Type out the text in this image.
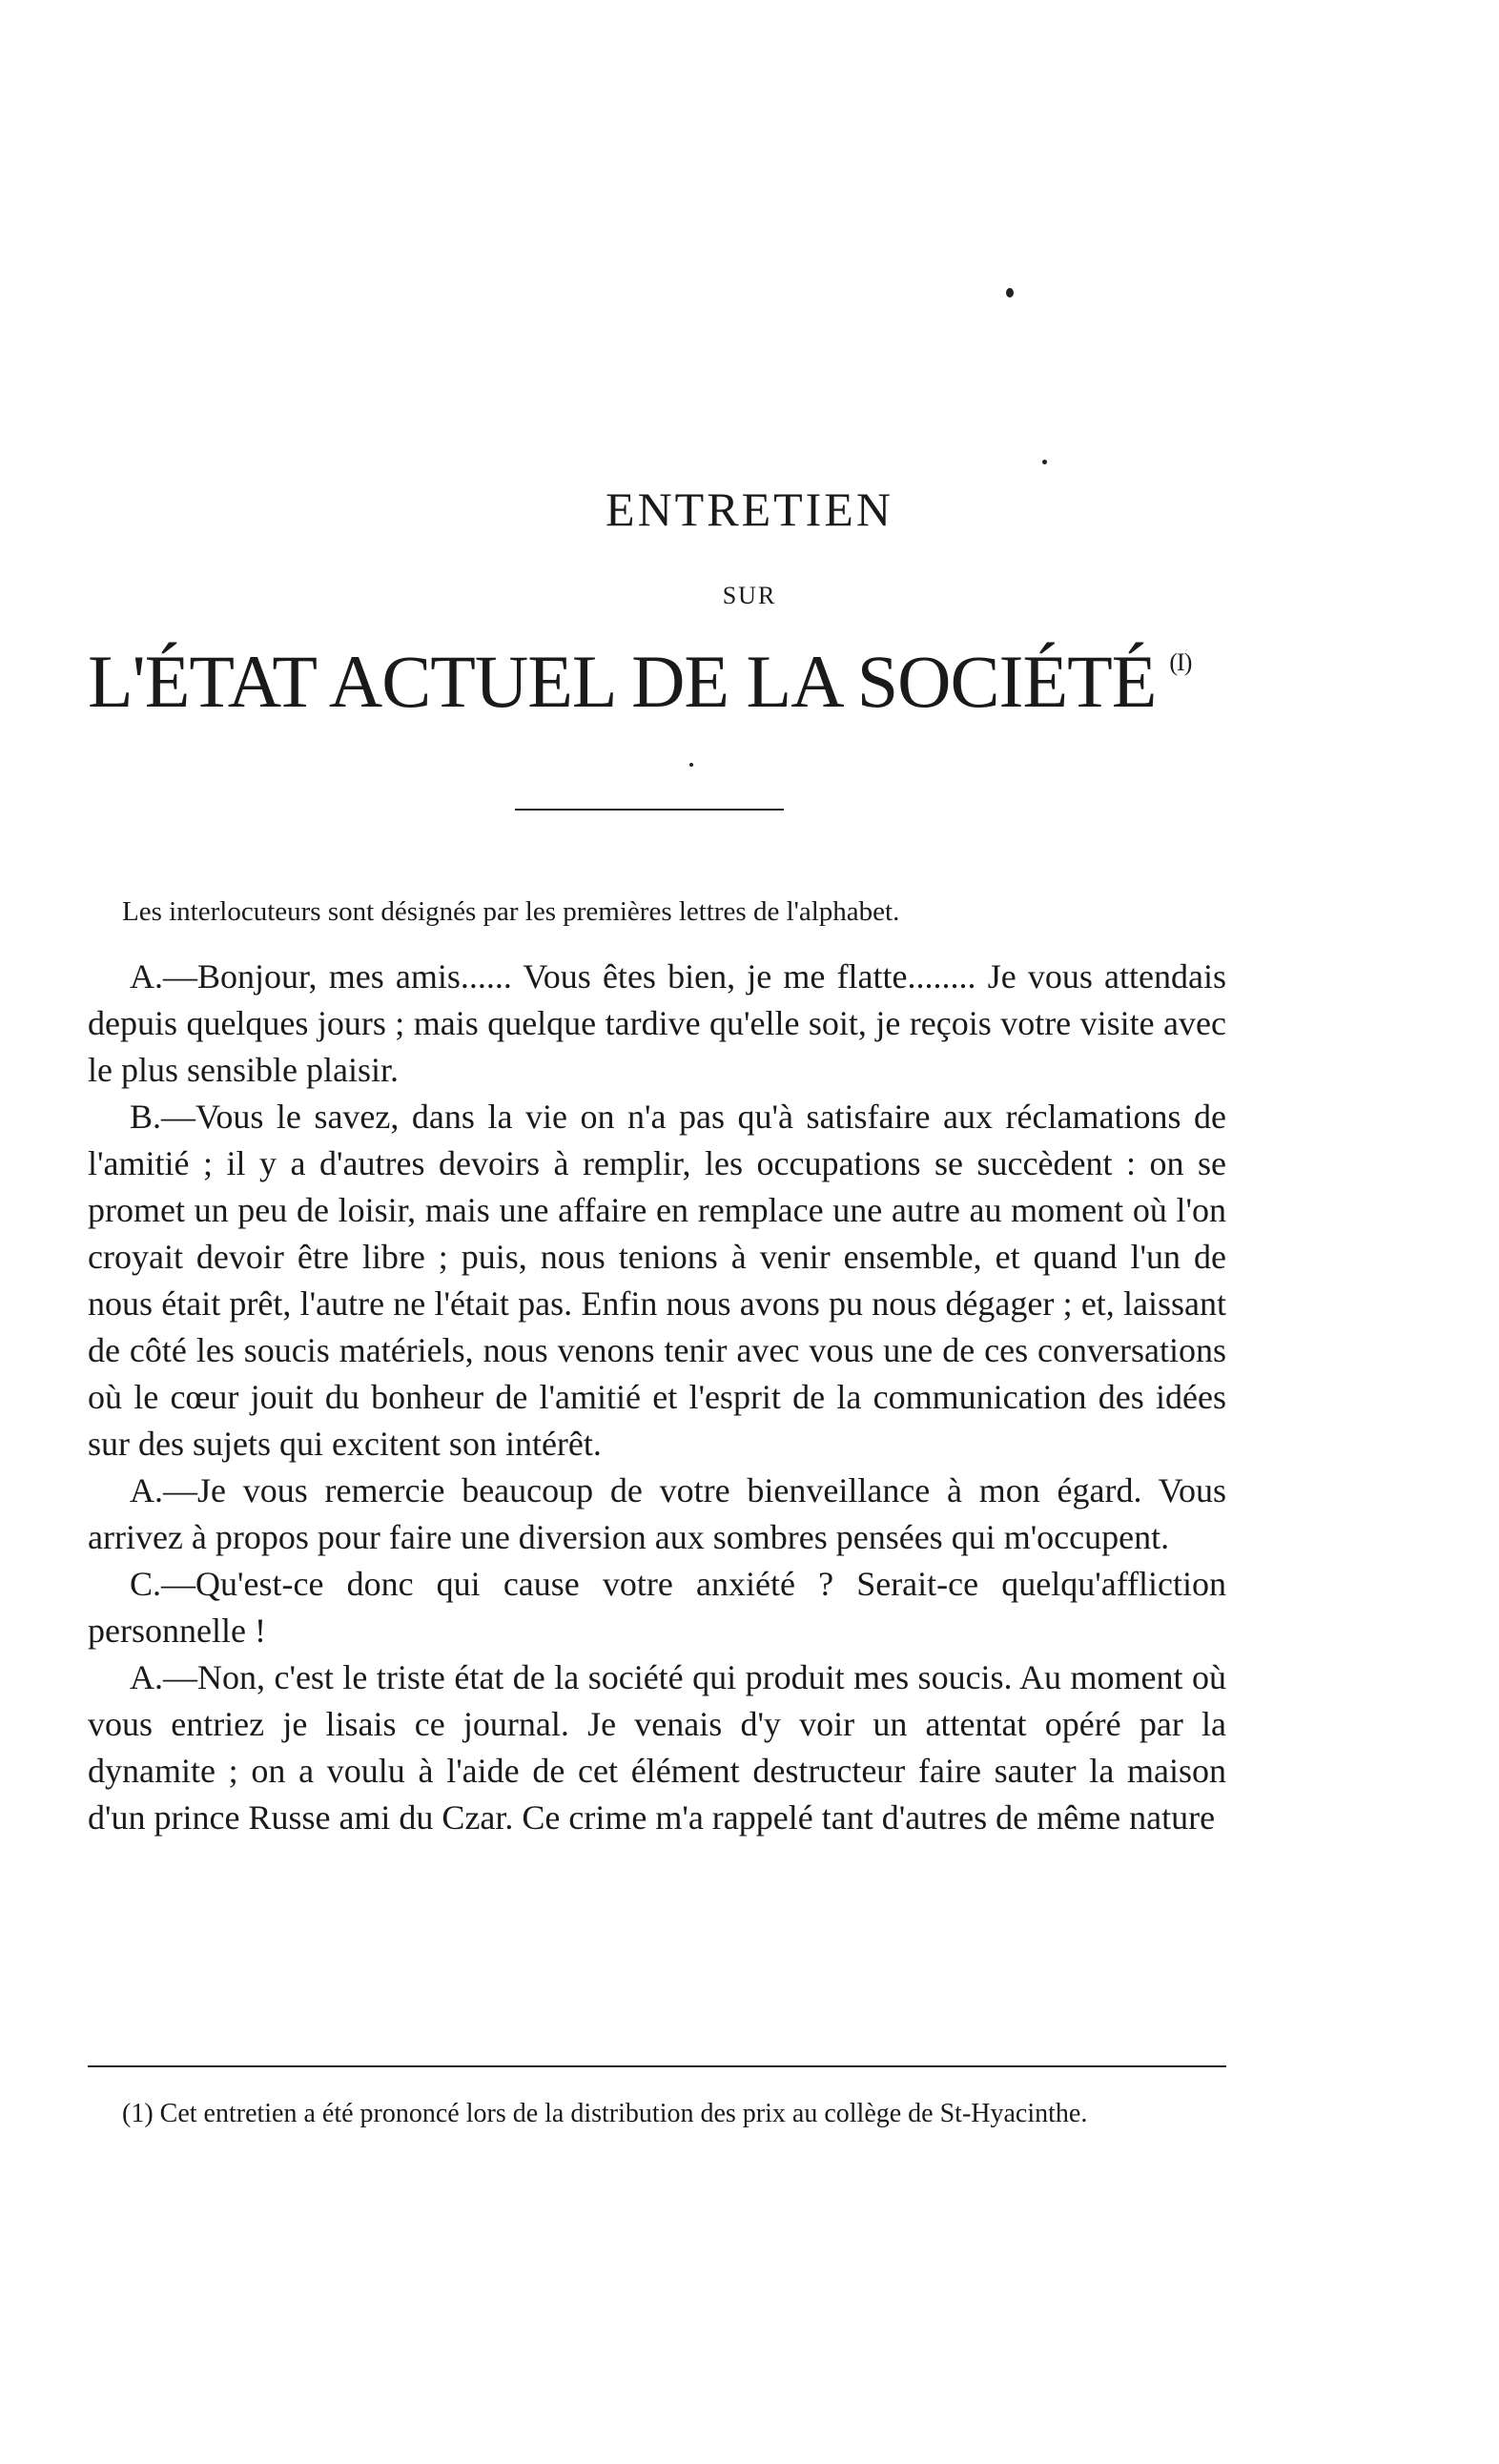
ENTRETIEN
SUR
L'ÉTAT ACTUEL DE LA SOCIÉTÉ $^{(I)}$

Les interlocuteurs sont désignés par les premières lettres de l'alphabet.

A.—Bonjour, mes amis...... Vous êtes bien, je me flatte........ Je vous attendais depuis quelques jours ; mais quelque tardive qu'elle soit, je reçois votre visite avec le plus sensible plaisir.

B.—Vous le savez, dans la vie on n'a pas qu'à satisfaire aux réclamations de l'amitié ; il y a d'autres devoirs à remplir, les occupations se succèdent : on se promet un peu de loisir, mais une affaire en remplace une autre au moment où l'on croyait devoir être libre ; puis, nous tenions à venir ensemble, et quand l'un de nous était prêt, l'autre ne l'était pas. Enfin nous avons pu nous dégager ; et, laissant de côté les soucis matériels, nous venons tenir avec vous une de ces conversations où le cœur jouit du bonheur de l'amitié et l'esprit de la communication des idées sur des sujets qui excitent son intérêt.

A.—Je vous remercie beaucoup de votre bienveillance à mon égard. Vous arrivez à propos pour faire une diversion aux sombres pensées qui m'occupent.

C.—Qu'est-ce donc qui cause votre anxiété ? Serait-ce quelqu'affliction personnelle !

A.—Non, c'est le triste état de la société qui produit mes soucis. Au moment où vous entriez je lisais ce journal. Je venais d'y voir un attentat opéré par la dynamite ; on a voulu à l'aide de cet élément destructeur faire sauter la maison d'un prince Russe ami du Czar. Ce crime m'a rappelé tant d'autres de même nature

(1) Cet entretien a été prononcé lors de la distribution des prix au collège de St-Hyacinthe.
